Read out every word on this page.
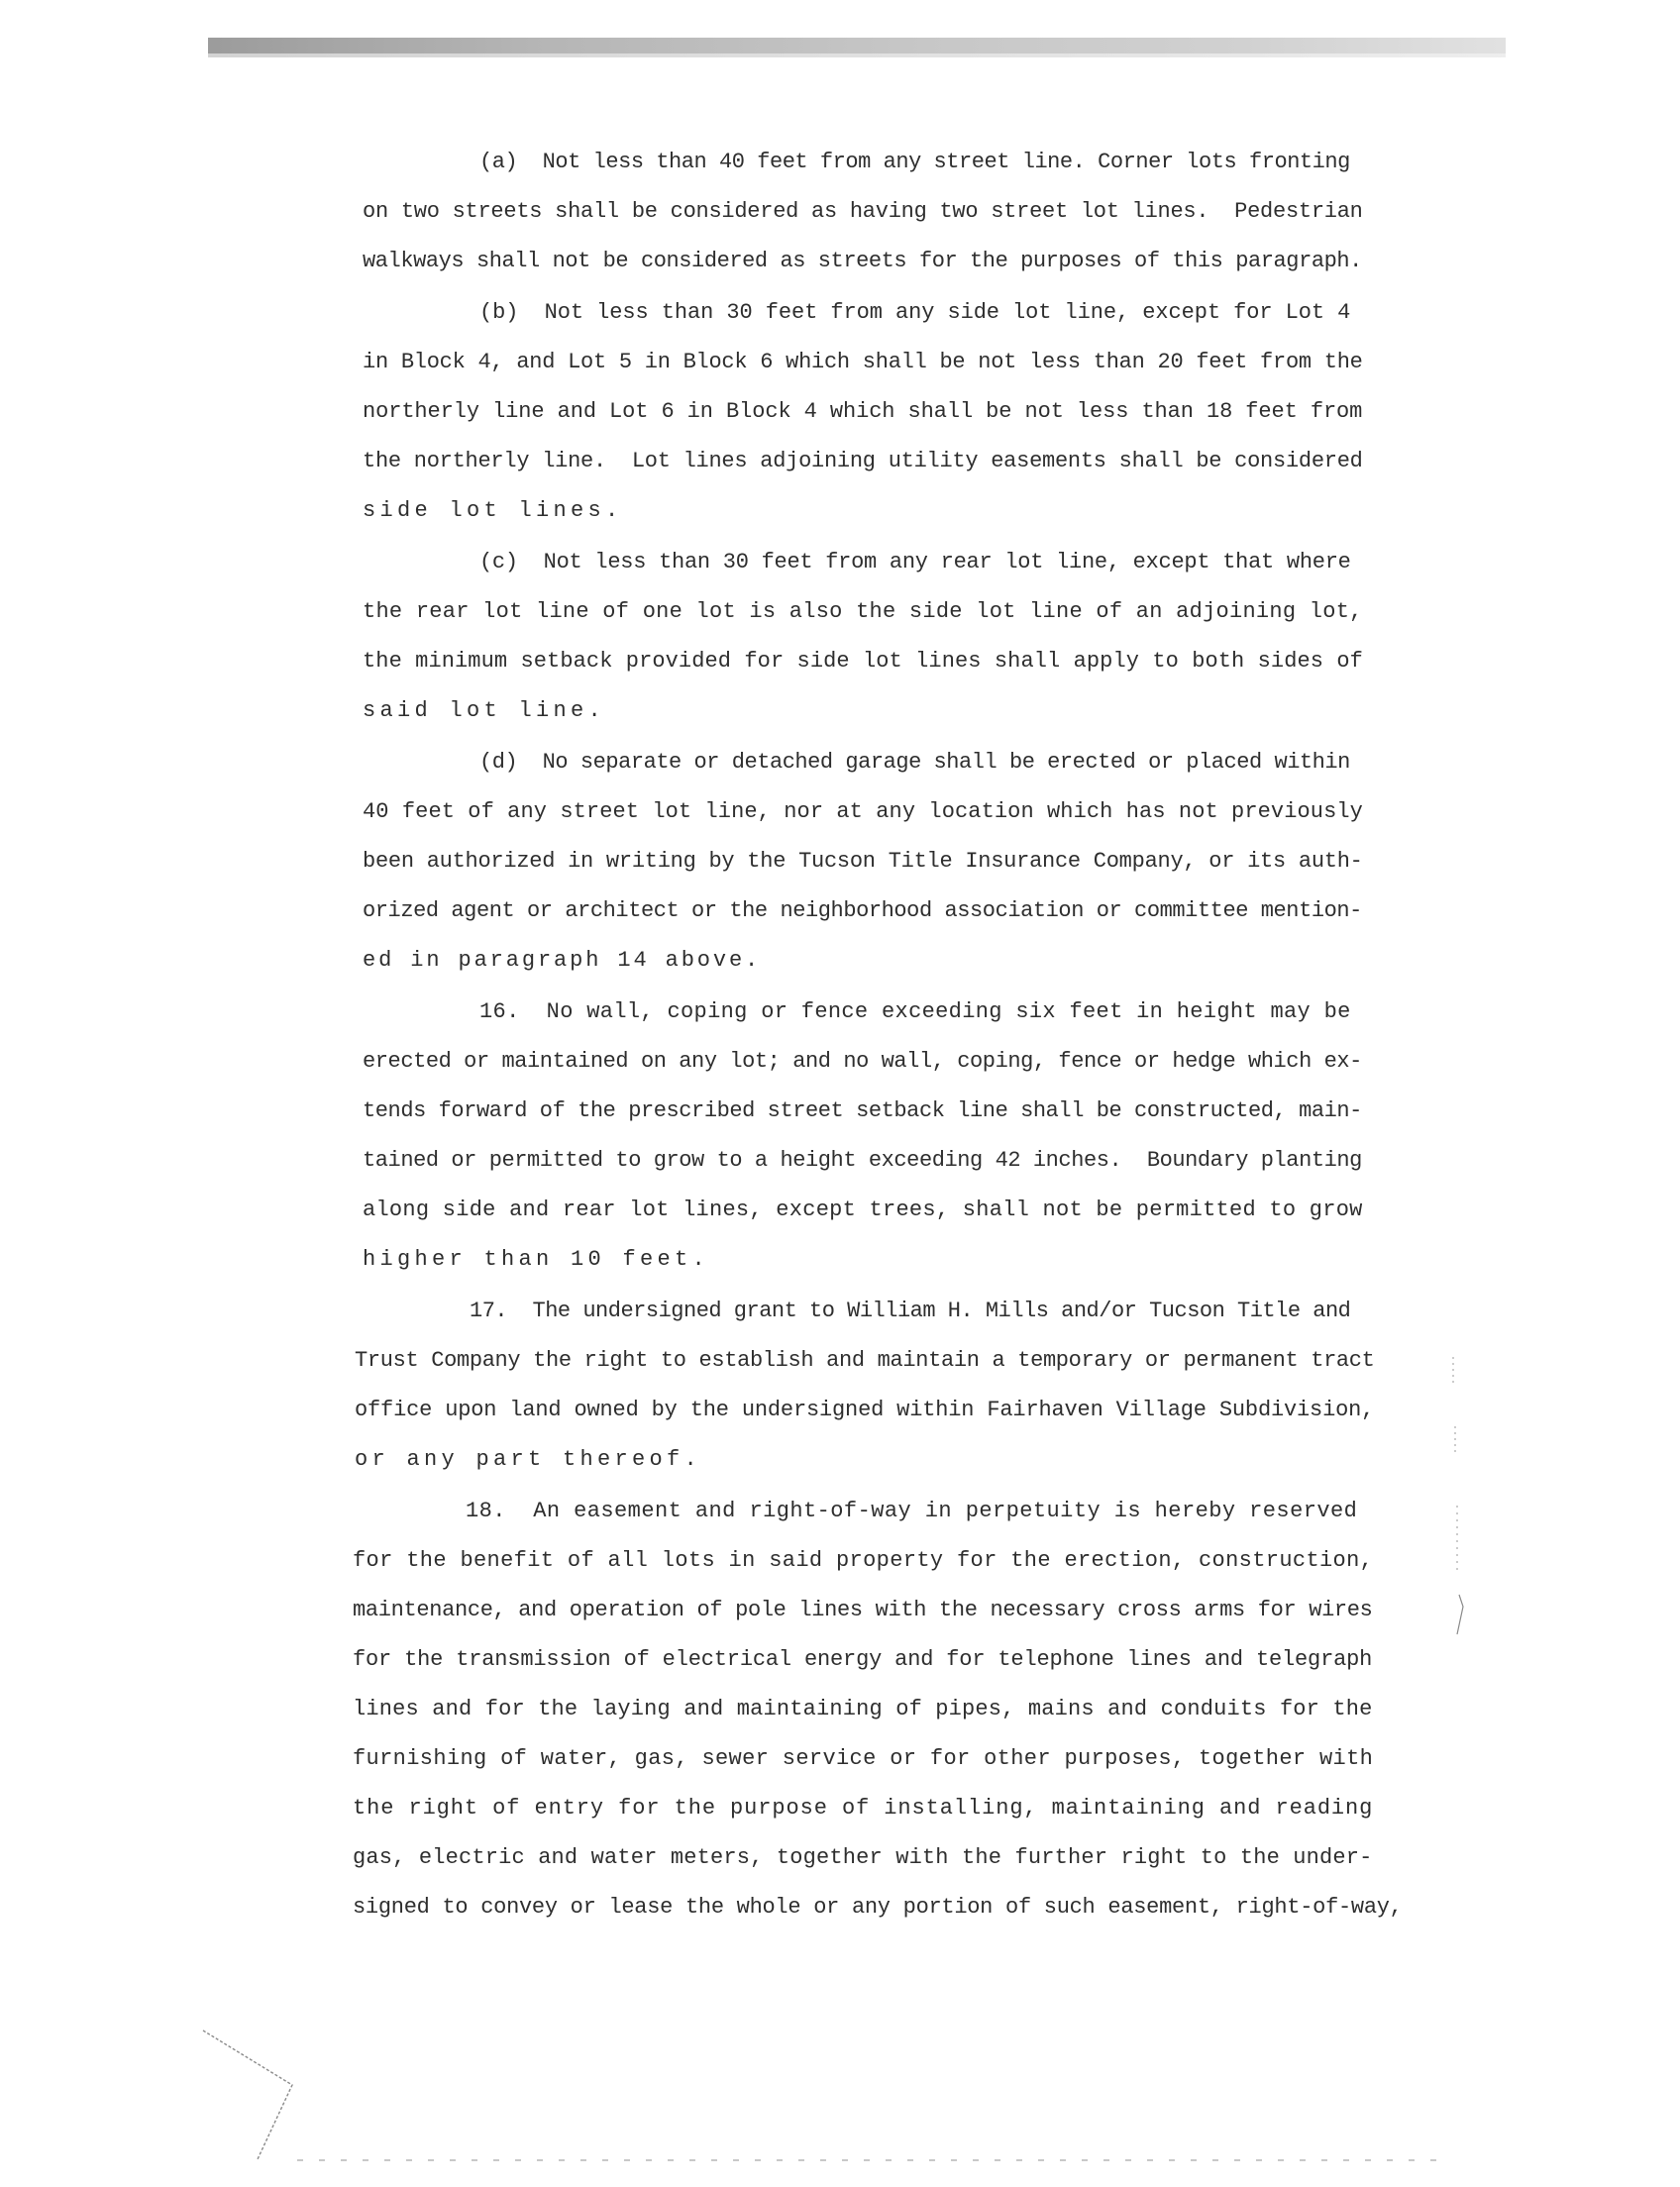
(a)  Not less than 40 feet from any street line. Corner lots fronting
on two streets shall be considered as having two street lot lines.  Pedestrian
walkways shall not be considered as streets for the purposes of this paragraph.
(b)  Not less than 30 feet from any side lot line, except for Lot 4
in Block 4, and Lot 5 in Block 6 which shall be not less than 20 feet from the
northerly line and Lot 6 in Block 4 which shall be not less than 18 feet from
the northerly line.  Lot lines adjoining utility easements shall be considered
side lot lines.
(c)  Not less than 30 feet from any rear lot line, except that where
the rear lot line of one lot is also the side lot line of an adjoining lot,
the minimum setback provided for side lot lines shall apply to both sides of
said lot line.
(d)  No separate or detached garage shall be erected or placed within
40 feet of any street lot line, nor at any location which has not previously
been authorized in writing by the Tucson Title Insurance Company, or its auth-
orized agent or architect or the neighborhood association or committee mention-
ed in paragraph 14 above.
16.  No wall, coping or fence exceeding six feet in height may be
erected or maintained on any lot; and no wall, coping, fence or hedge which ex-
tends forward of the prescribed street setback line shall be constructed, main-
tained or permitted to grow to a height exceeding 42 inches.  Boundary planting
along side and rear lot lines, except trees, shall not be permitted to grow
higher than 10 feet.
17.  The undersigned grant to William H. Mills and/or Tucson Title and
Trust Company the right to establish and maintain a temporary or permanent tract
office upon land owned by the undersigned within Fairhaven Village Subdivision,
or any part thereof.
18.  An easement and right-of-way in perpetuity is hereby reserved
for the benefit of all lots in said property for the erection, construction,
maintenance, and operation of pole lines with the necessary cross arms for wires
for the transmission of electrical energy and for telephone lines and telegraph
lines and for the laying and maintaining of pipes, mains and conduits for the
furnishing of water, gas, sewer service or for other purposes, together with
the right of entry for the purpose of installing, maintaining and reading
gas, electric and water meters, together with the further right to the under-
signed to convey or lease the whole or any portion of such easement, right-of-way,
